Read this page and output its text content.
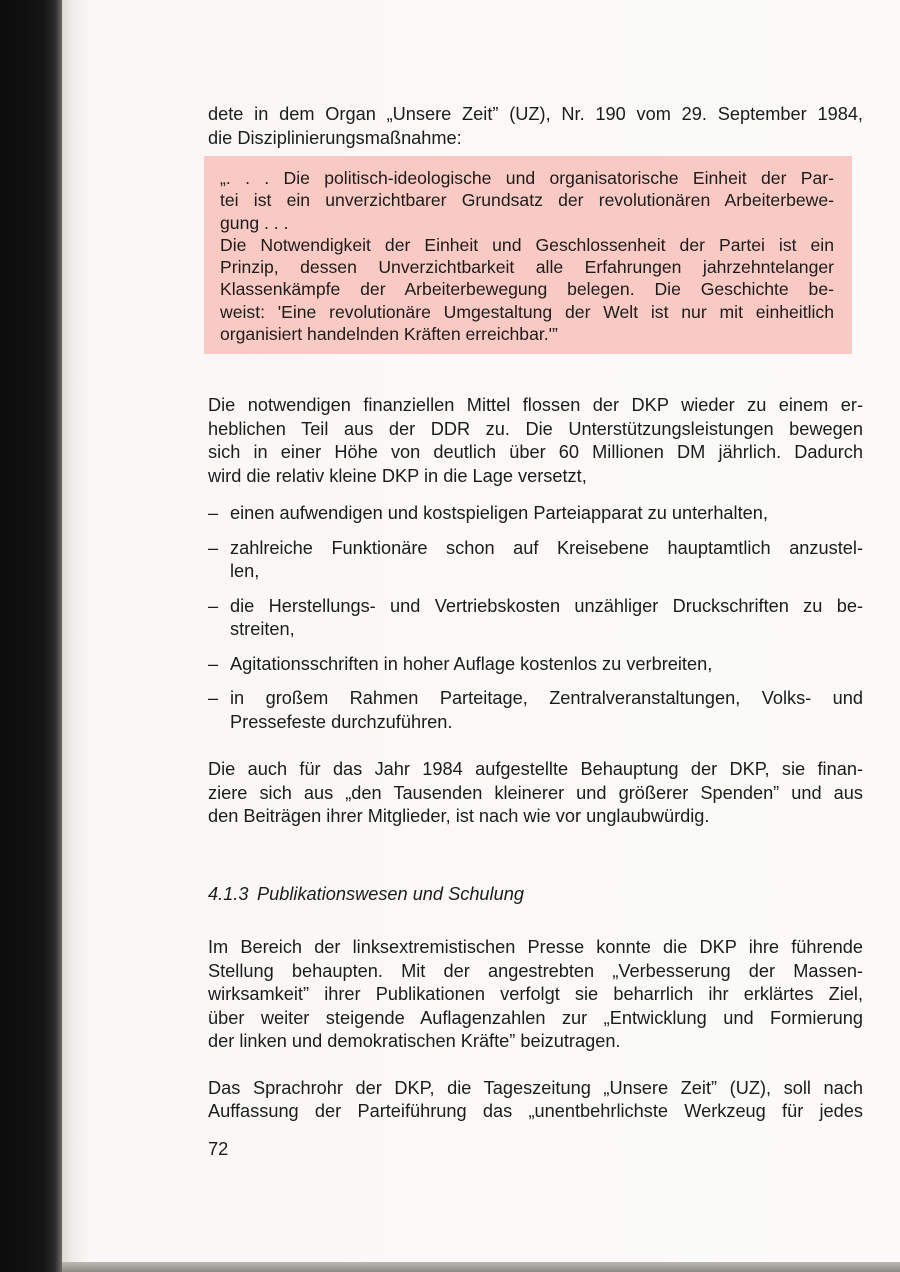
dete in dem Organ „Unsere Zeit” (UZ), Nr. 190 vom 29. September 1984,
die Disziplinierungsmaßnahme:
„. . . Die politisch-ideologische und organisatorische Einheit der Par-
tei ist ein unverzichtbarer Grundsatz der revolutionären Arbeiterbewe-
gung . . .
Die Notwendigkeit der Einheit und Geschlossenheit der Partei ist ein
Prinzip, dessen Unverzichtbarkeit alle Erfahrungen jahrzehntelanger
Klassenkämpfe der Arbeiterbewegung belegen. Die Geschichte be-
weist: 'Eine revolutionäre Umgestaltung der Welt ist nur mit einheitlich
organisiert handelnden Kräften erreichbar.'”
Die notwendigen finanziellen Mittel flossen der DKP wieder zu einem er-
heblichen Teil aus der DDR zu. Die Unterstützungsleistungen bewegen
sich in einer Höhe von deutlich über 60 Millionen DM jährlich. Dadurch
wird die relativ kleine DKP in die Lage versetzt,
– einen aufwendigen und kostspieligen Parteiapparat zu unterhalten,
– zahlreiche Funktionäre schon auf Kreisebene hauptamtlich anzustel-
len,
– die Herstellungs- und Vertriebskosten unzähliger Druckschriften zu be-
streiten,
– Agitationsschriften in hoher Auflage kostenlos zu verbreiten,
– in großem Rahmen Parteitage, Zentralveranstaltungen, Volks- und
Pressefeste durchzuführen.
Die auch für das Jahr 1984 aufgestellte Behauptung der DKP, sie finan-
ziere sich aus „den Tausenden kleinerer und größerer Spenden” und aus
den Beiträgen ihrer Mitglieder, ist nach wie vor unglaubwürdig.
4.1.3 Publikationswesen und Schulung
Im Bereich der linksextremistischen Presse konnte die DKP ihre führende
Stellung behaupten. Mit der angestrebten „Verbesserung der Massen-
wirksamkeit” ihrer Publikationen verfolgt sie beharrlich ihr erklärtes Ziel,
über weiter steigende Auflagenzahlen zur „Entwicklung und Formierung
der linken und demokratischen Kräfte” beizutragen.
Das Sprachrohr der DKP, die Tageszeitung „Unsere Zeit” (UZ), soll nach
Auffassung der Parteiführung das „unentbehrlichste Werkzeug für jedes
72
